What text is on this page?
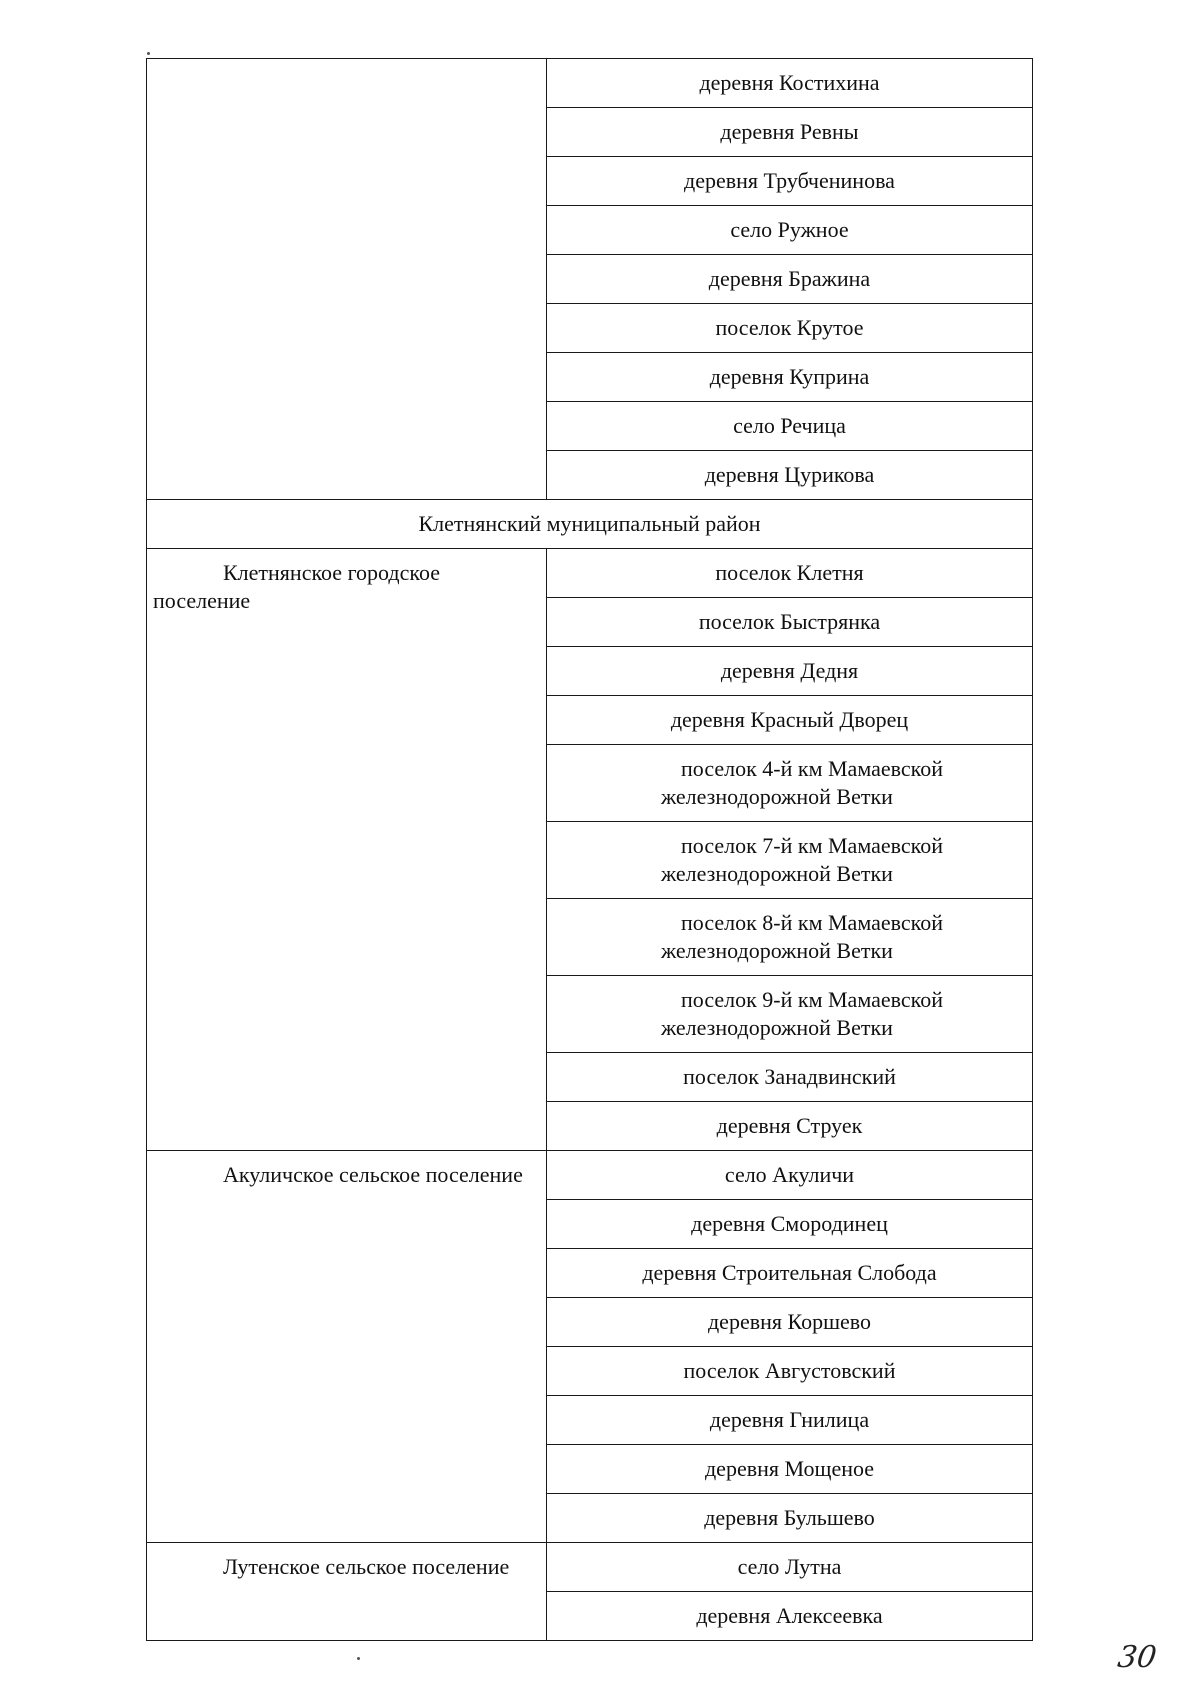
	деревня Костихина
	деревня Ревны
	деревня Трубченинова
	село Ружное
	деревня Бражина
	поселок Крутое
	деревня Куприна
	село Речица
	деревня Цурикова
Клетнянский муниципальный район	

Клетнянское городское поселение	поселок Клетня
	поселок Быстрянка
	деревня Дедня
	деревня Красный Дворец

	поселок 4-й км Мамаевской железнодорожной Ветки

	поселок 7-й км Мамаевской железнодорожной Ветки

	поселок 8-й км Мамаевской железнодорожной Ветки

	поселок 9-й км Мамаевской железнодорожной Ветки

	поселок Занадвинский
	деревня Струек

Акуличское сельское поселение	село Акуличи
	деревня Смородинец
	деревня Строительная Слобода
	деревня Коршево
	поселок Августовский
	деревня Гнилица
	деревня Мощеное
	деревня Бульшево

Лутенское сельское поселение	село Лутна
	деревня Алексеевка
30
